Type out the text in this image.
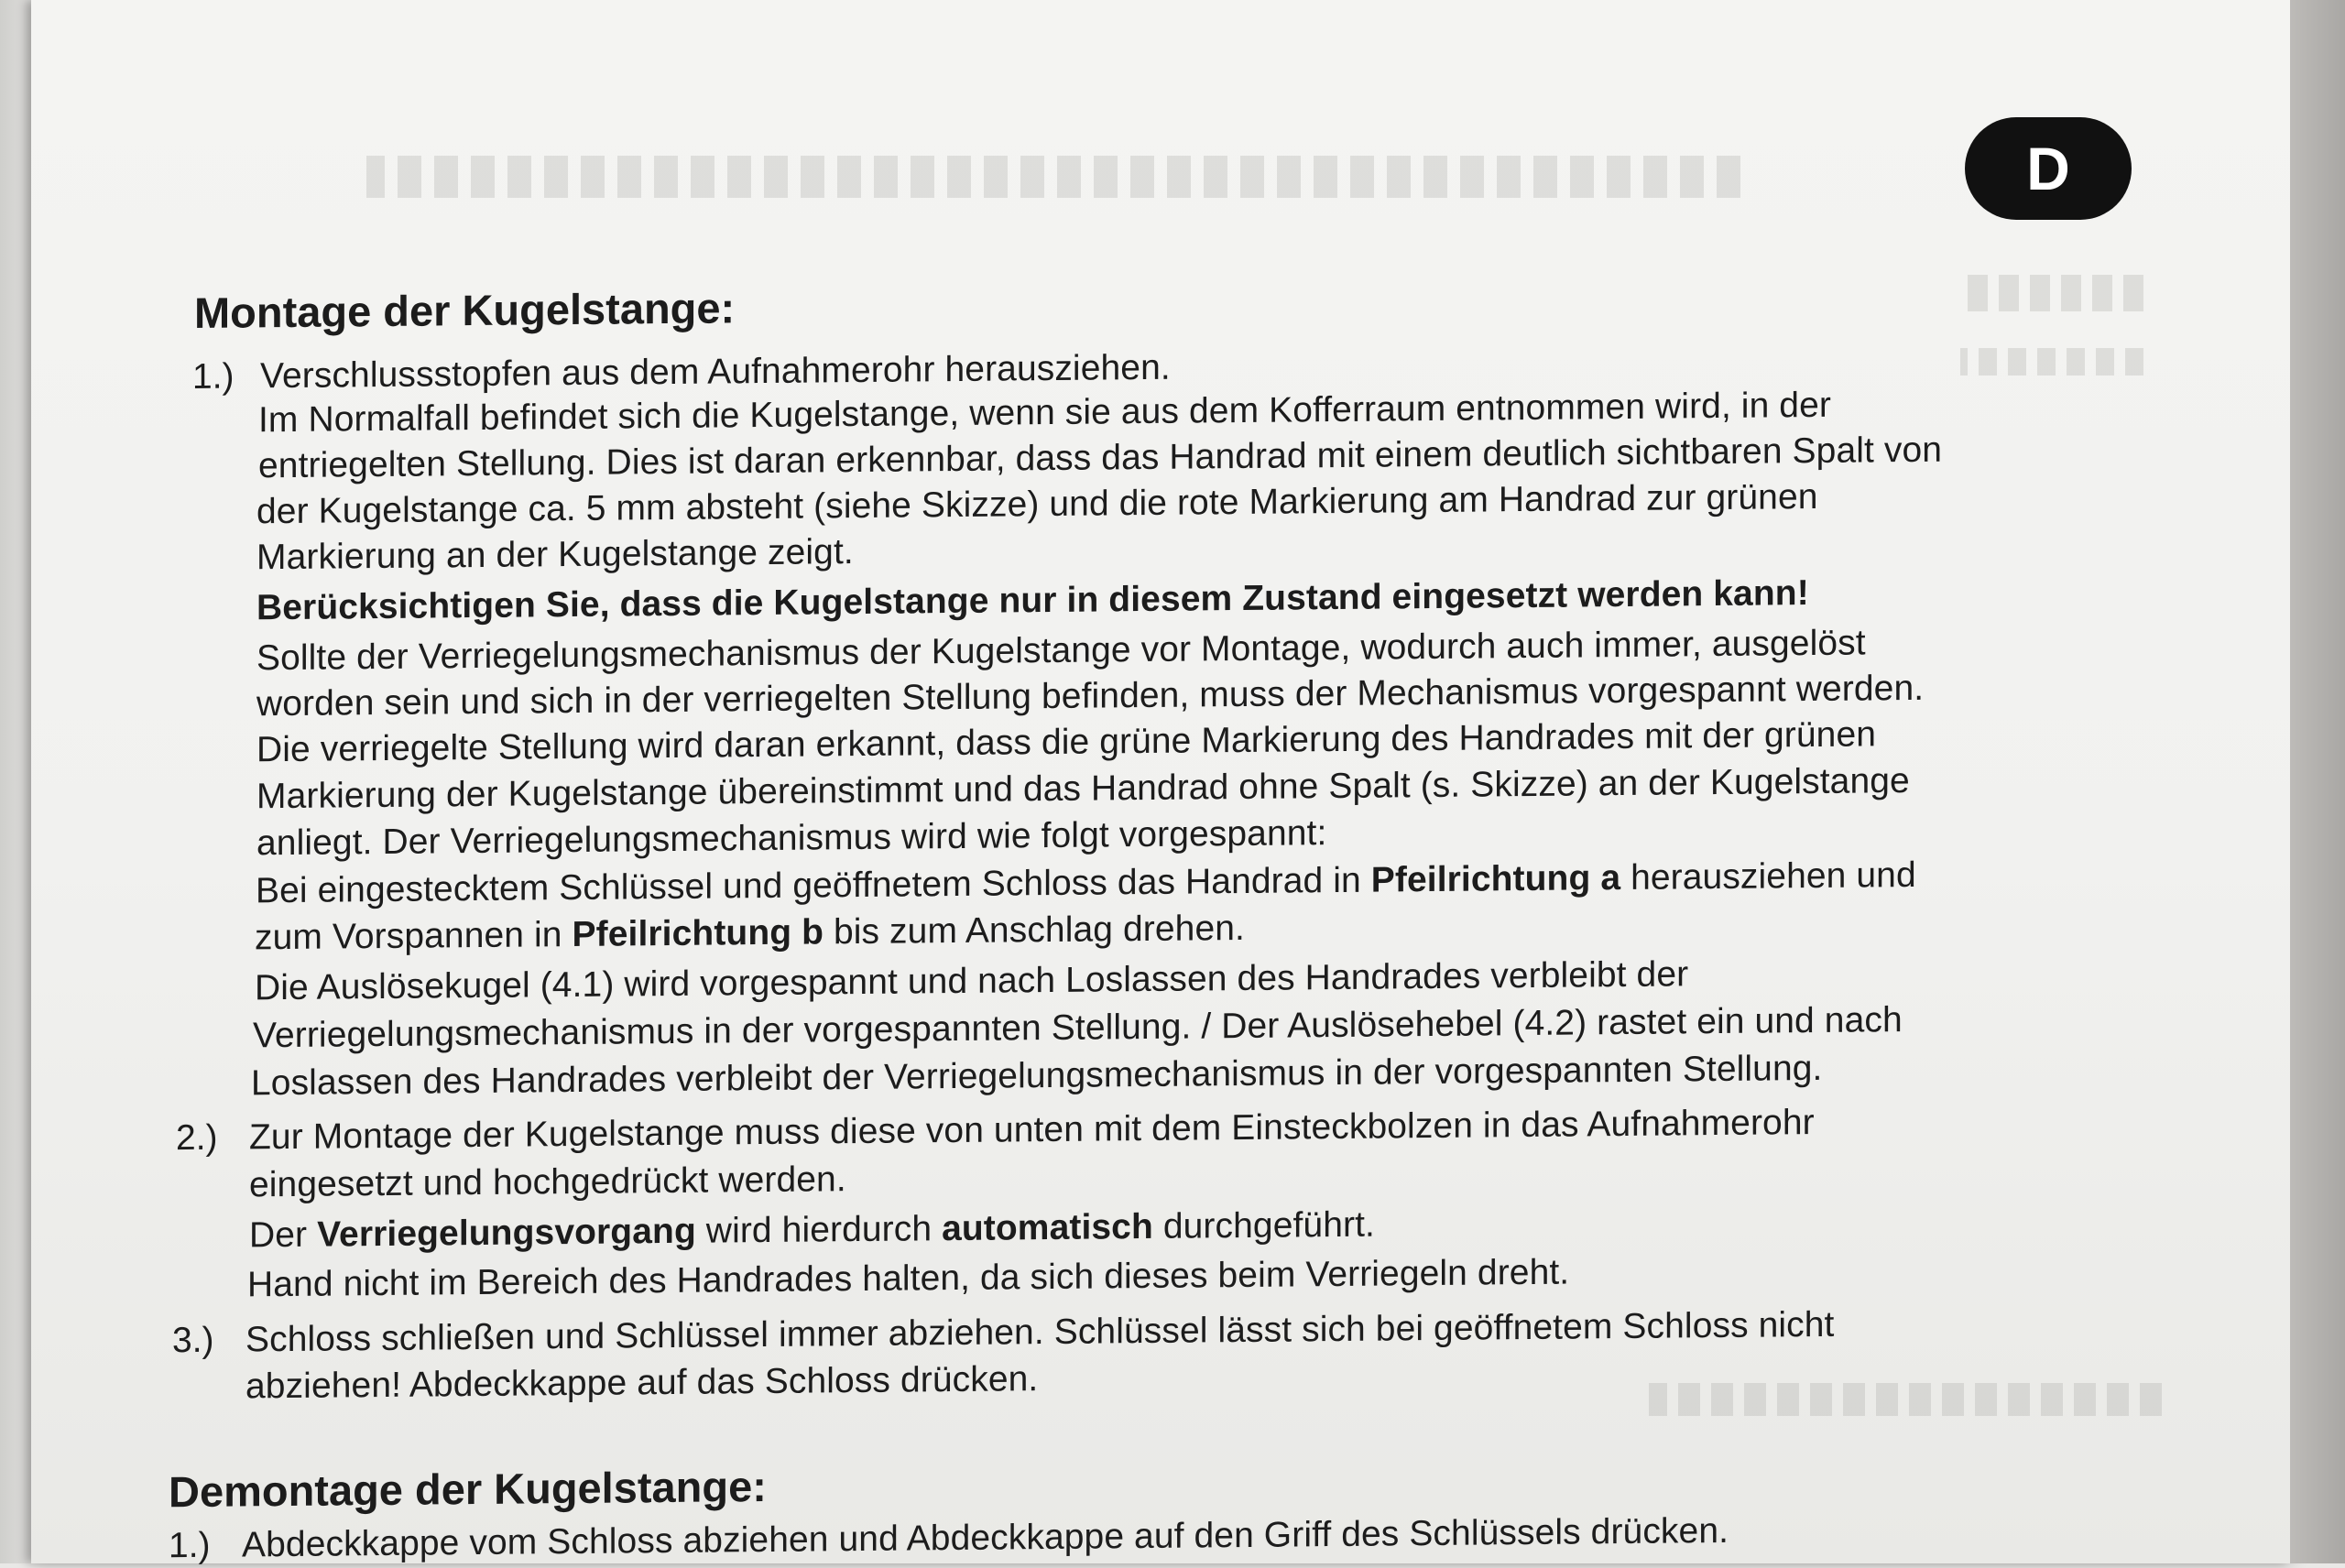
D
Montage der Kugelstange:
1.) Verschlussstopfen aus dem Aufnahmerohr herausziehen.
Im Normalfall befindet sich die Kugelstange, wenn sie aus dem Kofferraum entnommen wird, in der
entriegelten Stellung. Dies ist daran erkennbar, dass das Handrad mit einem deutlich sichtbaren Spalt von
der Kugelstange ca. 5 mm absteht (siehe Skizze) und die rote Markierung am Handrad zur grünen
Markierung an der Kugelstange zeigt.
Berücksichtigen Sie, dass die Kugelstange nur in diesem Zustand eingesetzt werden kann!
Sollte der Verriegelungsmechanismus der Kugelstange vor Montage, wodurch auch immer, ausgelöst
worden sein und sich in der verriegelten Stellung befinden, muss der Mechanismus vorgespannt werden.
Die verriegelte Stellung wird daran erkannt, dass die grüne Markierung des Handrades mit der grünen
Markierung der Kugelstange übereinstimmt und das Handrad ohne Spalt (s. Skizze) an der Kugelstange
anliegt. Der Verriegelungsmechanismus wird wie folgt vorgespannt:
Bei eingestecktem Schlüssel und geöffnetem Schloss das Handrad in Pfeilrichtung a herausziehen und
zum Vorspannen in Pfeilrichtung b bis zum Anschlag drehen.
Die Auslösekugel (4.1) wird vorgespannt und nach Loslassen des Handrades verbleibt der
Verriegelungsmechanismus in der vorgespannten Stellung. / Der Auslösehebel (4.2) rastet ein und nach
Loslassen des Handrades verbleibt der Verriegelungsmechanismus in der vorgespannten Stellung.
2.) Zur Montage der Kugelstange muss diese von unten mit dem Einsteckbolzen in das Aufnahmerohr
eingesetzt und hochgedrückt werden.
Der Verriegelungsvorgang wird hierdurch automatisch durchgeführt.
Hand nicht im Bereich des Handrades halten, da sich dieses beim Verriegeln dreht.
3.) Schloss schließen und Schlüssel immer abziehen. Schlüssel lässt sich bei geöffnetem Schloss nicht
abziehen! Abdeckkappe auf das Schloss drücken.
Demontage der Kugelstange:
1.) Abdeckkappe vom Schloss abziehen und Abdeckkappe auf den Griff des Schlüssels drücken.
